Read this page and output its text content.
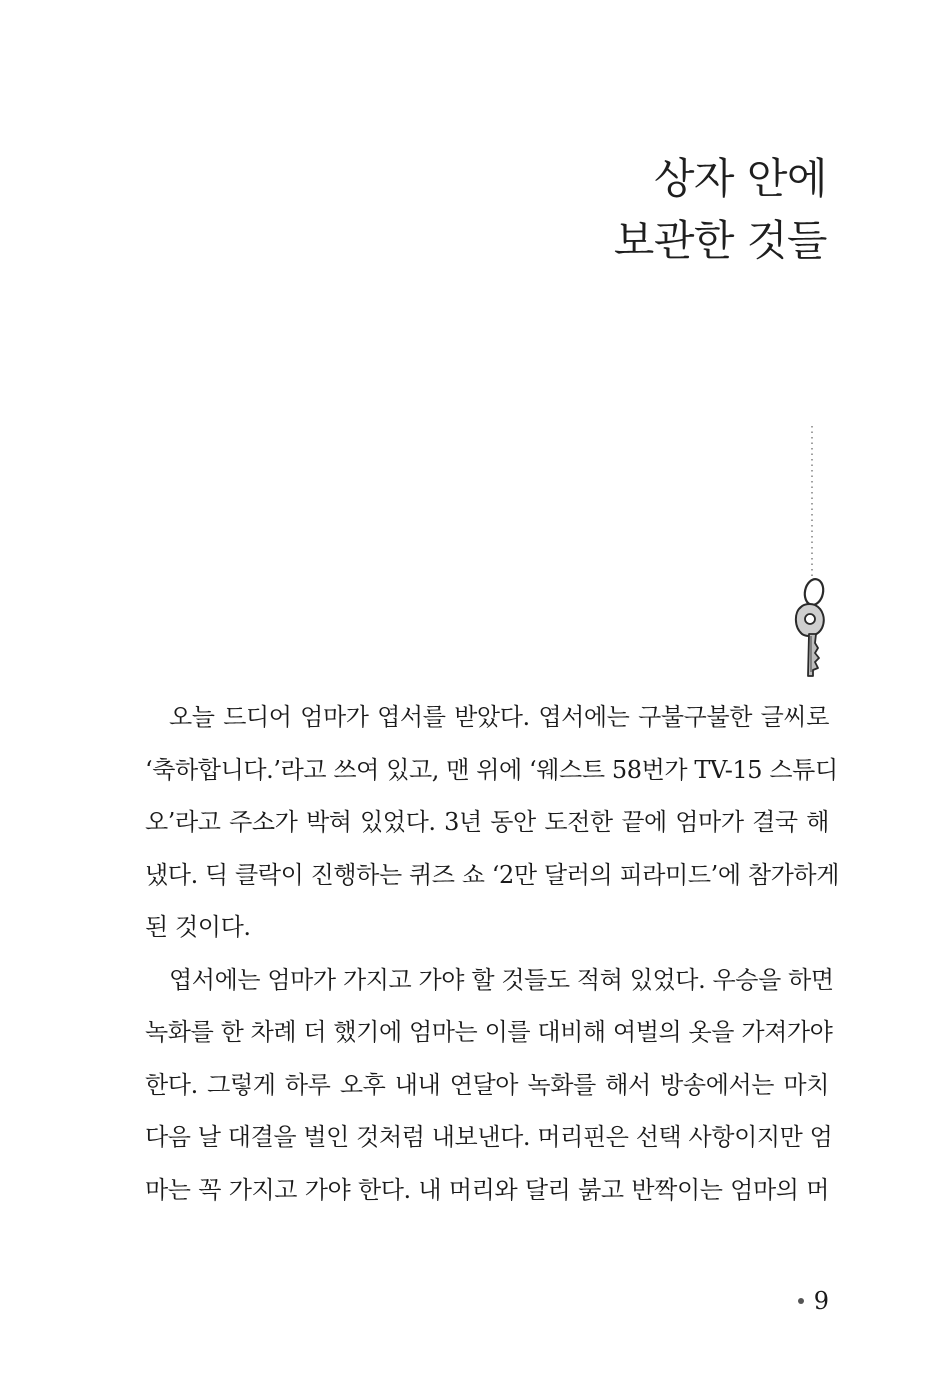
상자 안에
보관한 것들
오늘 드디어 엄마가 엽서를 받았다. 엽서에는 구불구불한 글씨로
‘축하합니다.’라고 쓰여 있고, 맨 위에 ‘웨스트 58번가 TV-15 스튜디
오’라고 주소가 박혀 있었다. 3년 동안 도전한 끝에 엄마가 결국 해
냈다. 딕 클락이 진행하는 퀴즈 쇼 ‘2만 달러의 피라미드’에 참가하게
된 것이다.
엽서에는 엄마가 가지고 가야 할 것들도 적혀 있었다. 우승을 하면
녹화를 한 차례 더 했기에 엄마는 이를 대비해 여벌의 옷을 가져가야
한다. 그렇게 하루 오후 내내 연달아 녹화를 해서 방송에서는 마치
다음 날 대결을 벌인 것처럼 내보낸다. 머리핀은 선택 사항이지만 엄
마는 꼭 가지고 가야 한다. 내 머리와 달리 붉고 반짝이는 엄마의 머
9
